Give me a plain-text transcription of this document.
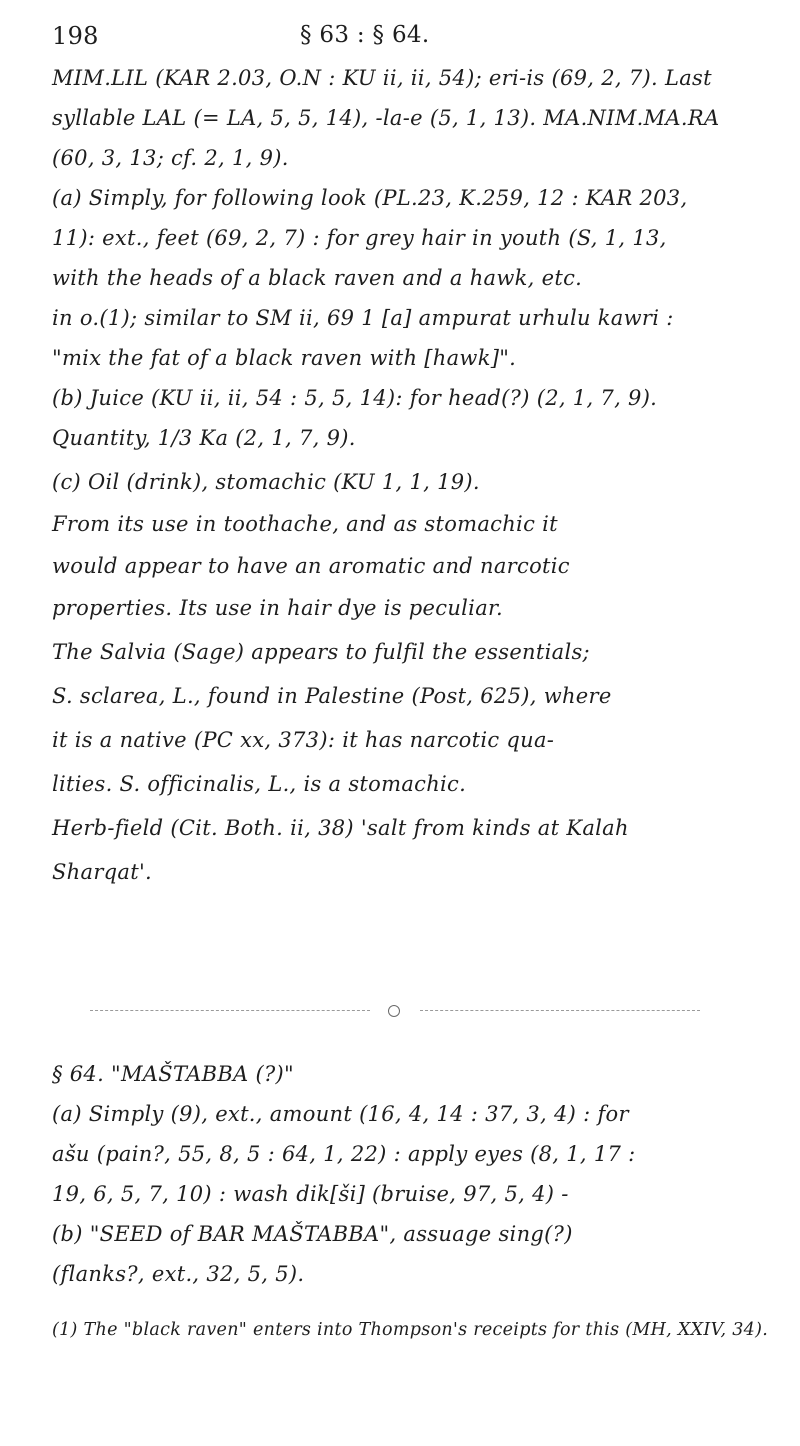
198	§ 63 : § 64.
MIM.LIL (KAR 2.03, O.N : KU ii, ii, 54); eri-is (69, 2, 7). Last
syllable LAL (= LA, 5, 5, 14), -la-e (5, 1, 13). MA.NIM.MA.RA
(60, 3, 13; cf. 2, 1, 9).
(a) Simply, for following look (PL.23, K.259, 12 : KAR 203,
11): ext., feet (69, 2, 7) : for grey hair in youth (S, 1, 13,
with the heads of a black raven and a hawk, etc.
in o.(1); similar to SM ii, 69 1 [a] ampurat urhulu kawri :
"mix the fat of a black raven with [hawk]".
(b) Juice (KU ii, ii, 54 : 5, 5, 14): for head(?) (2, 1, 7, 9).
Quantity, 1/3 Ka (2, 1, 7, 9).
(c) Oil (drink), stomachic (KU 1, 1, 19).
From its use in toothache, and as stomachic it
would appear to have an aromatic and narcotic
properties. Its use in hair dye is peculiar.
The Salvia (Sage) appears to fulfil the essentials;
S. sclarea, L., found in Palestine (Post, 625), where
it is a native (PC xx, 373): it has narcotic qua-
lities. S. officinalis, L., is a stomachic.
Herb-field (Cit. Both. ii, 38) 'salt from kinds at Kalah
Sharqat'.
§ 64. "MAŠTABBA (?)"
(a) Simply (9), ext., amount (16, 4, 14 : 37, 3, 4) : for
ašu (pain?, 55, 8, 5 : 64, 1, 22) : apply eyes (8, 1, 17 :
19, 6, 5, 7, 10) : wash dik[ši] (bruise, 97, 5, 4) -
(b) "SEED of BAR MAŠTABBA", assuage sing(?)
(flanks?, ext., 32, 5, 5).
(1) The "black raven" enters into Thompson's receipts for this (MH, XXIV, 34).
